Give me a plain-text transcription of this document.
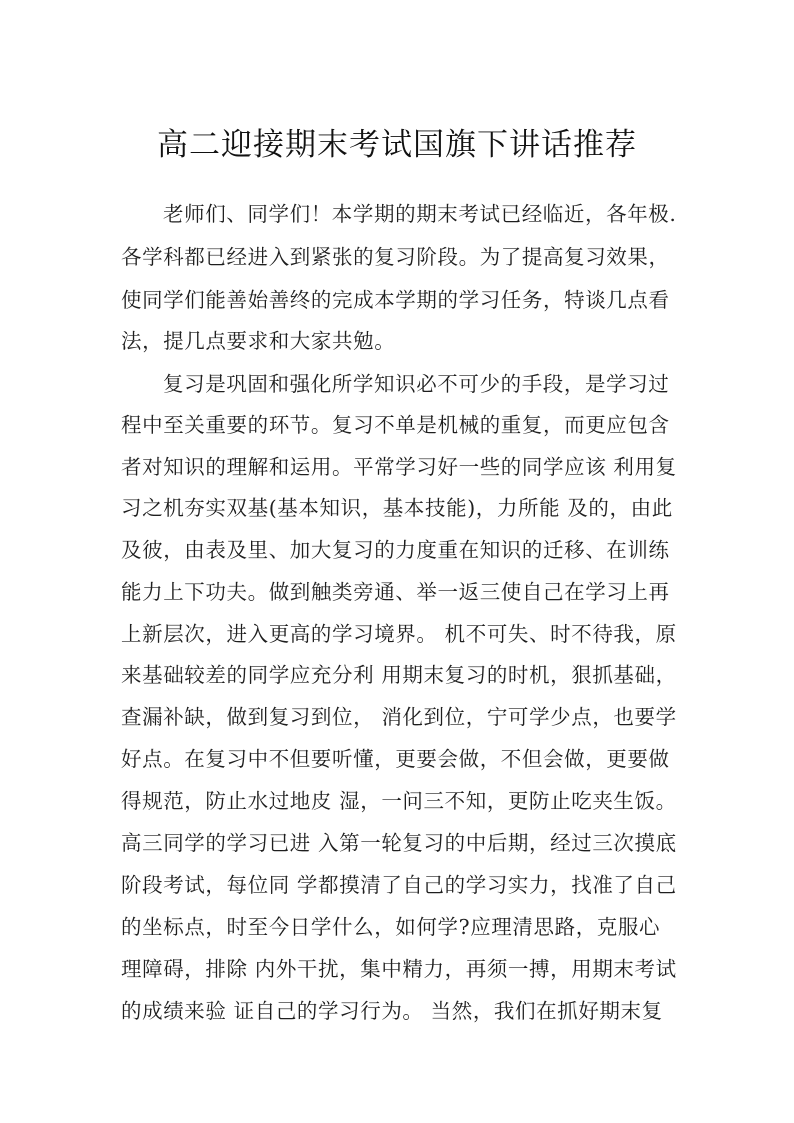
高二迎接期末考试国旗下讲话推荐
老师们、同学们！本学期的期末考试已经临近，各年极.
各学科都已经进入到紧张的复习阶段。为了提高复习效果，
使同学们能善始善终的完成本学期的学习任务，特谈几点看
法，提几点要求和大家共勉。
复习是巩固和强化所学知识必不可少的手段，是学习过
程中至关重要的环节。复习不单是机械的重复，而更应包含
者对知识的理解和运用。平常学习好一些的同学应该 利用复
习之机夯实双基(基本知识，基本技能)，力所能 及的，由此
及彼，由表及里、加大复习的力度重在知识的迁移、在训练
能力上下功夫。做到触类旁通、举一返三使自己在学习上再
上新层次，进入更高的学习境界。 机不可失、时不待我，原
来基础较差的同学应充分利 用期末复习的时机，狠抓基础，
查漏补缺，做到复习到位， 消化到位，宁可学少点，也要学
好点。在复习中不但要听懂，更要会做，不但会做，更要做
得规范，防止水过地皮 湿，一问三不知，更防止吃夹生饭。
高三同学的学习已进 入第一轮复习的中后期，经过三次摸底
阶段考试，每位同 学都摸清了自己的学习实力，找准了自己
的坐标点，时至今日学什么，如何学?应理清思路，克服心
理障碍，排除 内外干扰，集中精力，再须一搏，用期末考试
的成绩来验 证自己的学习行为。 当然，我们在抓好期末复
